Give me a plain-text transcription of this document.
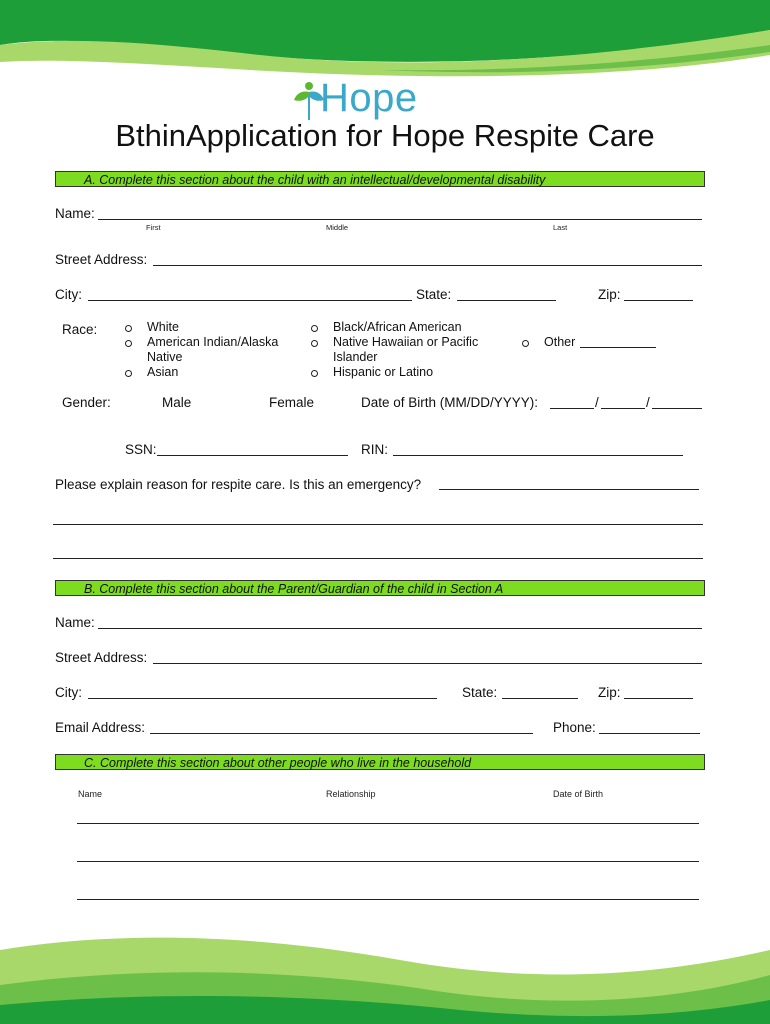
Hope
BthinApplication for Hope Respite Care
A. Complete this section about the child with an intellectual/developmental disability
Name:
First	Middle	Last
Street Address:
City:	State:	Zip:
Race:	White
American Indian/Alaska
Native
Asian
Black/African American
Native Hawaiian or Pacific
Islander
Hispanic or Latino
Other
Gender:	Male	Female	Date of Birth (MM/DD/YYYY):	/	/
SSN:	RIN:
Please explain reason for respite care. Is this an emergency?
B. Complete this section about the Parent/Guardian of the child in Section A
Name:
Street Address:
City:	State:	Zip:
Email Address:	Phone:
C. Complete this section about other people who live in the household
Name	Relationship	Date of Birth
